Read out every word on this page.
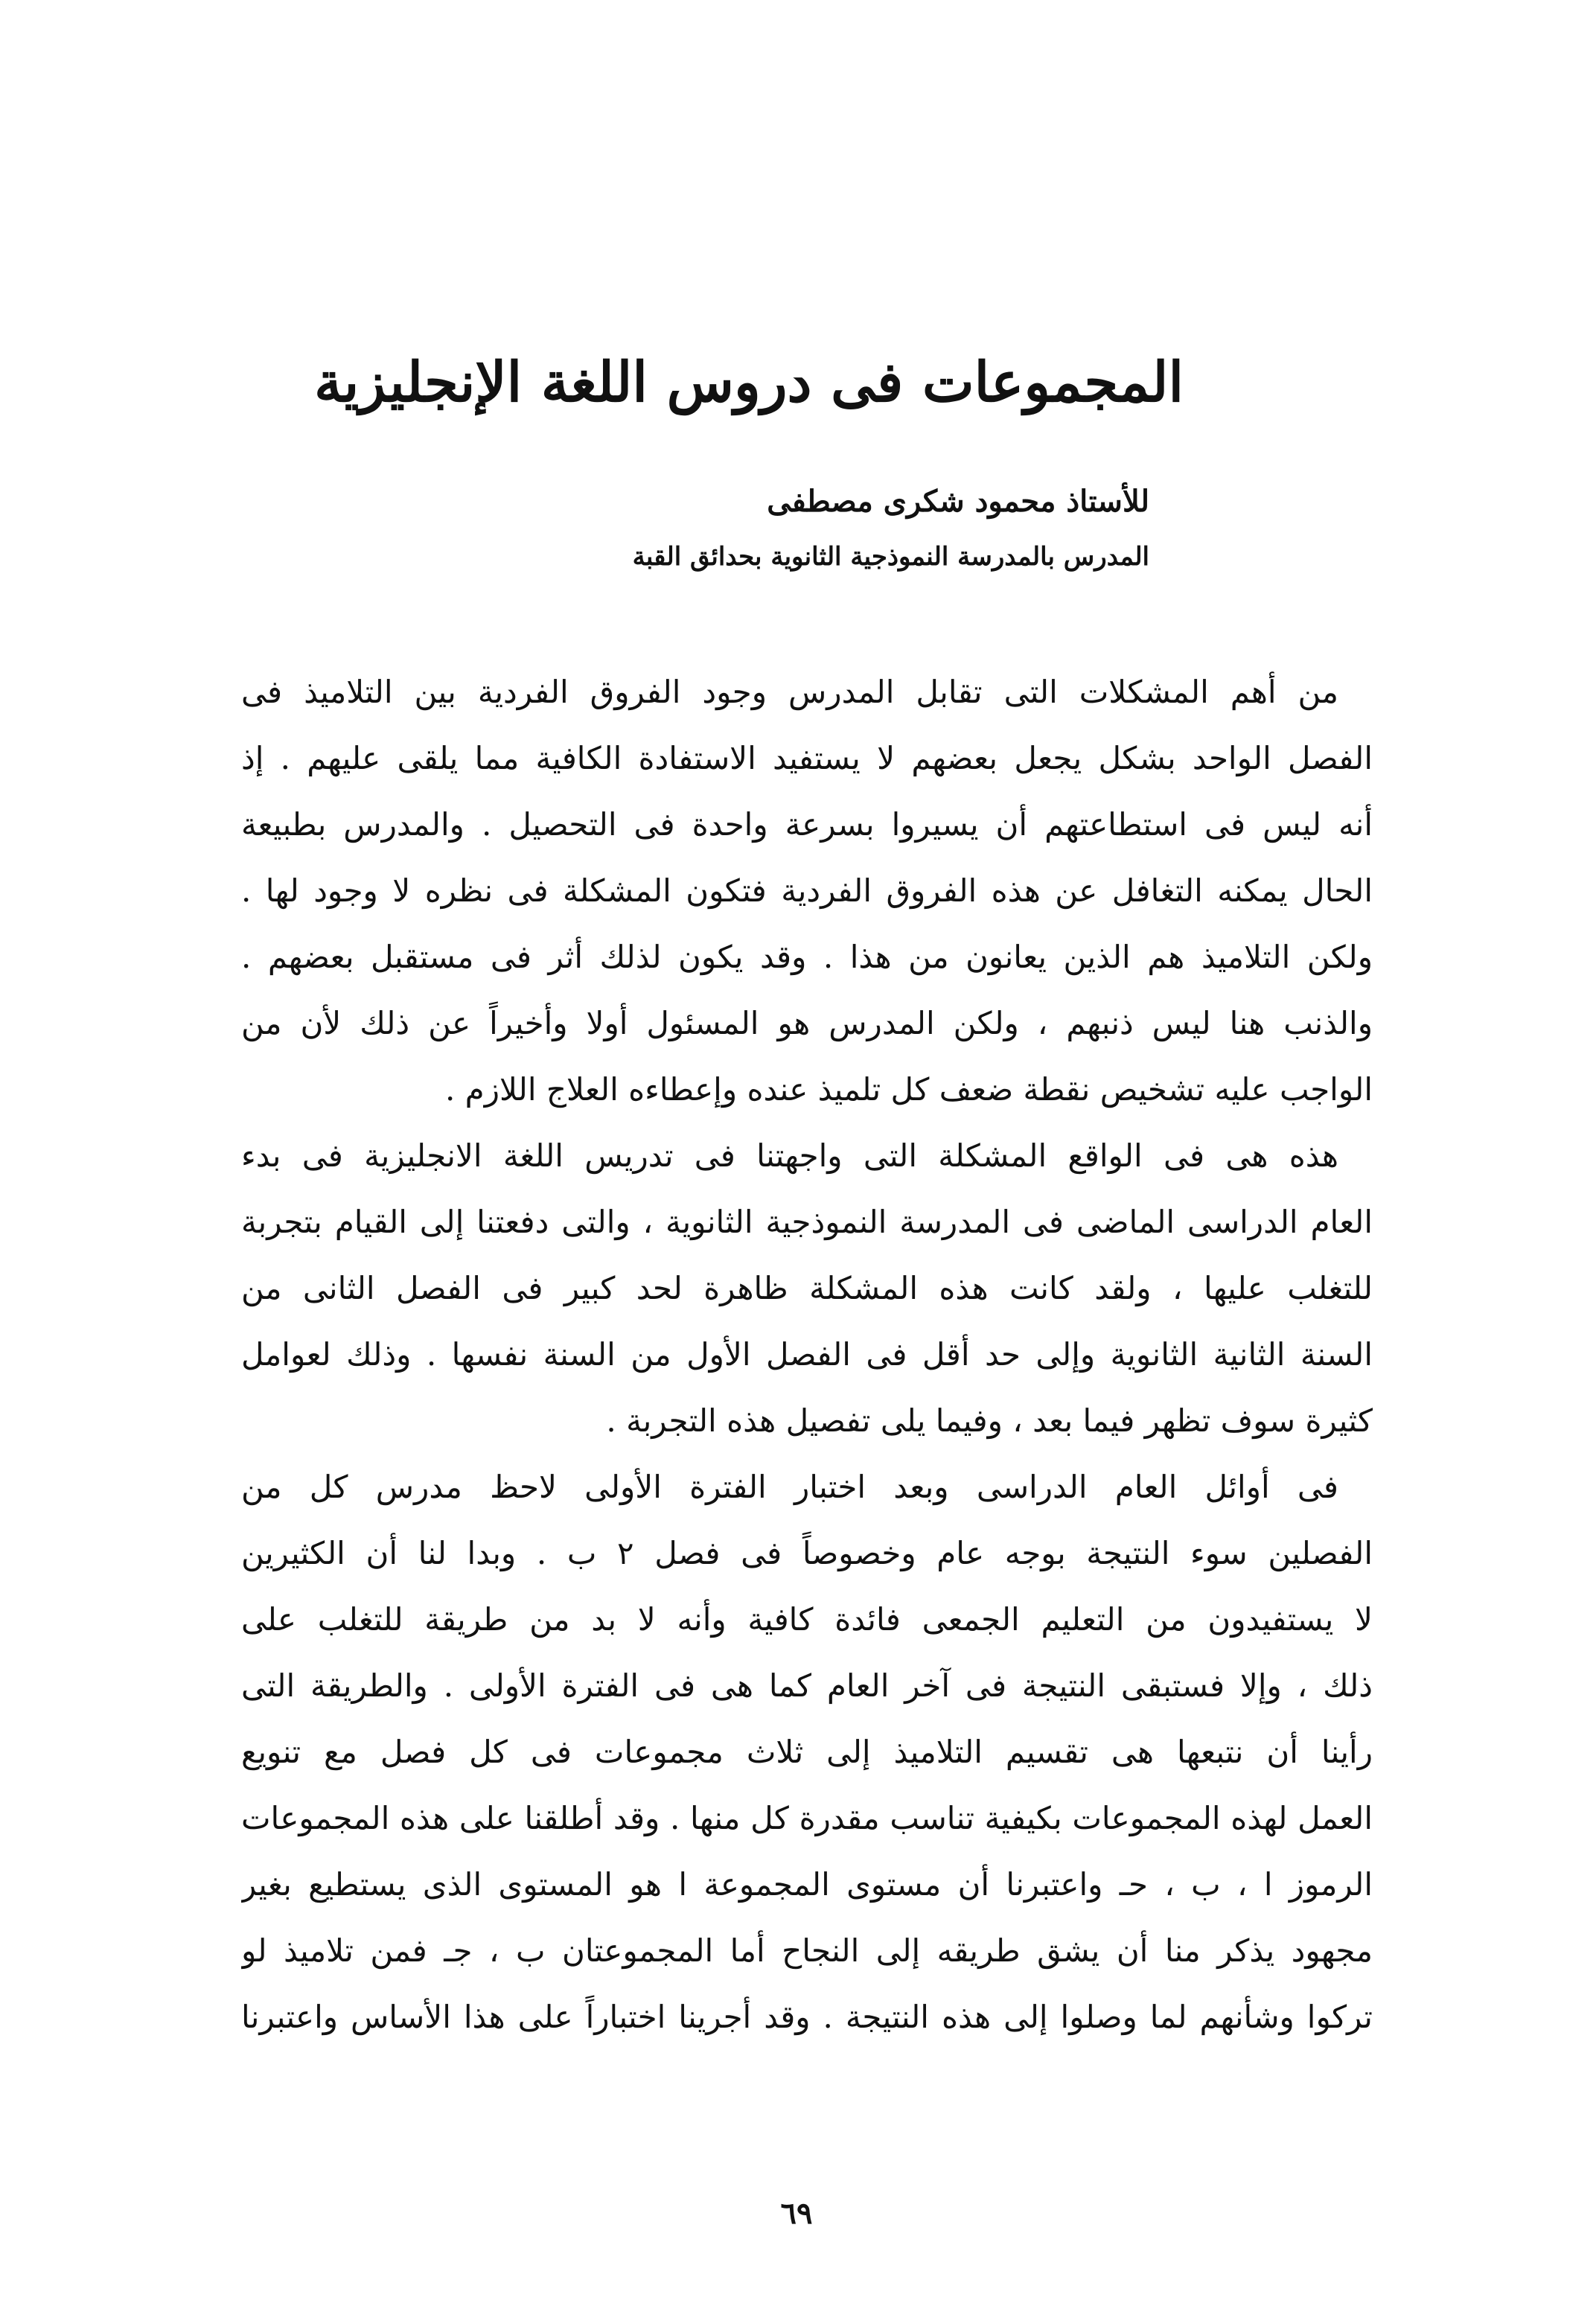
المجموعات فى دروس اللغة الإنجليزية
للأستاذ محمود شكرى مصطفى
المدرس بالمدرسة النموذجية الثانوية بحدائق القبة
من أهم المشكلات التى تقابل المدرس وجود الفروق الفردية بين التلاميذ فى
الفصل الواحد بشكل يجعل بعضهم لا يستفيد الاستفادة الكافية مما يلقى عليهم . إذ
أنه ليس فى استطاعتهم أن يسيروا بسرعة واحدة فى التحصيل . والمدرس بطبيعة
الحال يمكنه التغافل عن هذه الفروق الفردية فتكون المشكلة فى نظره لا وجود لها .
ولكن التلاميذ هم الذين يعانون من هذا . وقد يكون لذلك أثر فى مستقبل بعضهم .
والذنب هنا ليس ذنبهم ، ولكن المدرس هو المسئول أولا وأخيراً عن ذلك لأن من
الواجب عليه تشخيص نقطة ضعف كل تلميذ عنده وإعطاءه العلاج اللازم .
هذه هى فى الواقع المشكلة التى واجهتنا فى تدريس اللغة الانجليزية فى بدء
العام الدراسى الماضى فى المدرسة النموذجية الثانوية ، والتى دفعتنا إلى القيام بتجربة
للتغلب عليها ، ولقد كانت هذه المشكلة ظاهرة لحد كبير فى الفصل الثانى من
السنة الثانية الثانوية وإلى حد أقل فى الفصل الأول من السنة نفسها . وذلك لعوامل
كثيرة سوف تظهر فيما بعد ، وفيما يلى تفصيل هذه التجربة .
فى أوائل العام الدراسى وبعد اختبار الفترة الأولى لاحظ مدرس كل من
الفصلين سوء النتيجة بوجه عام وخصوصاً فى فصل ٢ ب . وبدا لنا أن الكثيرين
لا يستفيدون من التعليم الجمعى فائدة كافية وأنه لا بد من طريقة للتغلب على
ذلك ، وإلا فستبقى النتيجة فى آخر العام كما هى فى الفترة الأولى . والطريقة التى
رأينا أن نتبعها هى تقسيم التلاميذ إلى ثلاث مجموعات فى كل فصل مع تنويع
العمل لهذه المجموعات بكيفية تناسب مقدرة كل منها . وقد أطلقنا على هذه المجموعات
الرموز ا ، ب ، حـ واعتبرنا أن مستوى المجموعة ا هو المستوى الذى يستطيع بغير
مجهود يذكر منا أن يشق طريقه إلى النجاح أما المجموعتان ب ، جـ فمن تلاميذ لو
تركوا وشأنهم لما وصلوا إلى هذه النتيجة . وقد أجرينا اختباراً على هذا الأساس واعتبرنا
٦٩
